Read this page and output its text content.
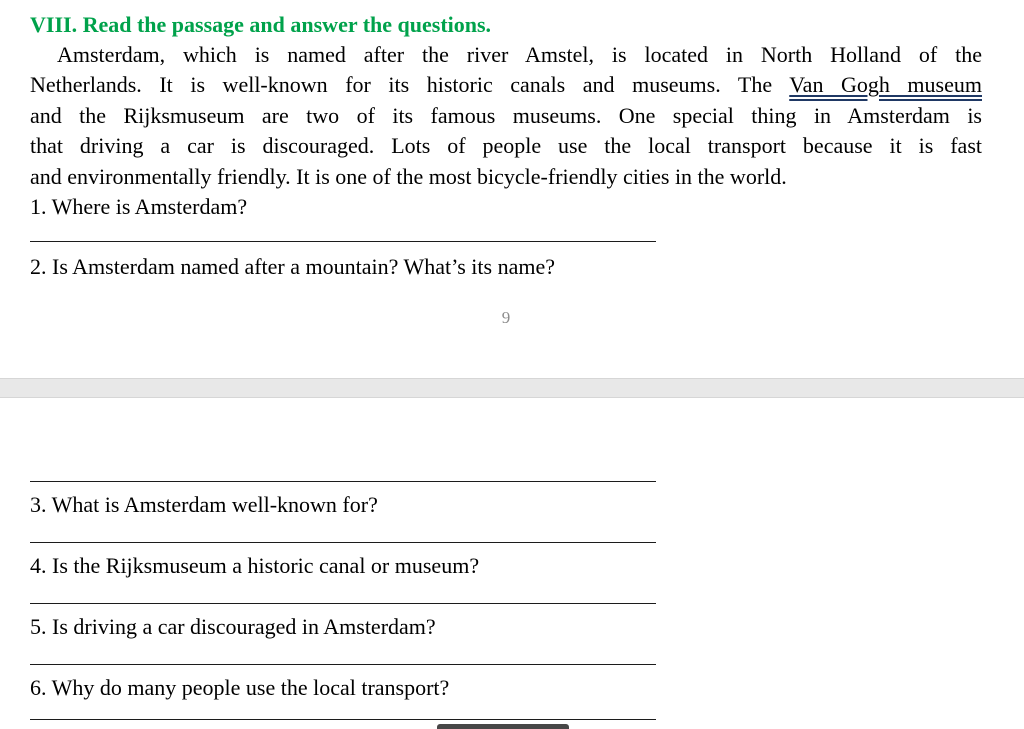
VIII. Read the passage and answer the questions.
Amsterdam, which is named after the river Amstel, is located in North Holland of the
Netherlands. It is well-known for its historic canals and museums. The Van Gogh museum
and the Rijksmuseum are two of its famous museums. One special thing in Amsterdam is
that driving a car is discouraged. Lots of people use the local transport because it is fast
and environmentally friendly. It is one of the most bicycle-friendly cities in the world.

1. Where is Amsterdam?

2. Is Amsterdam named after a mountain? What’s its name?

9

3. What is Amsterdam well-known for?

4. Is the Rijksmuseum a historic canal or museum?

5. Is driving a car discouraged in Amsterdam?

6. Why do many people use the local transport?
